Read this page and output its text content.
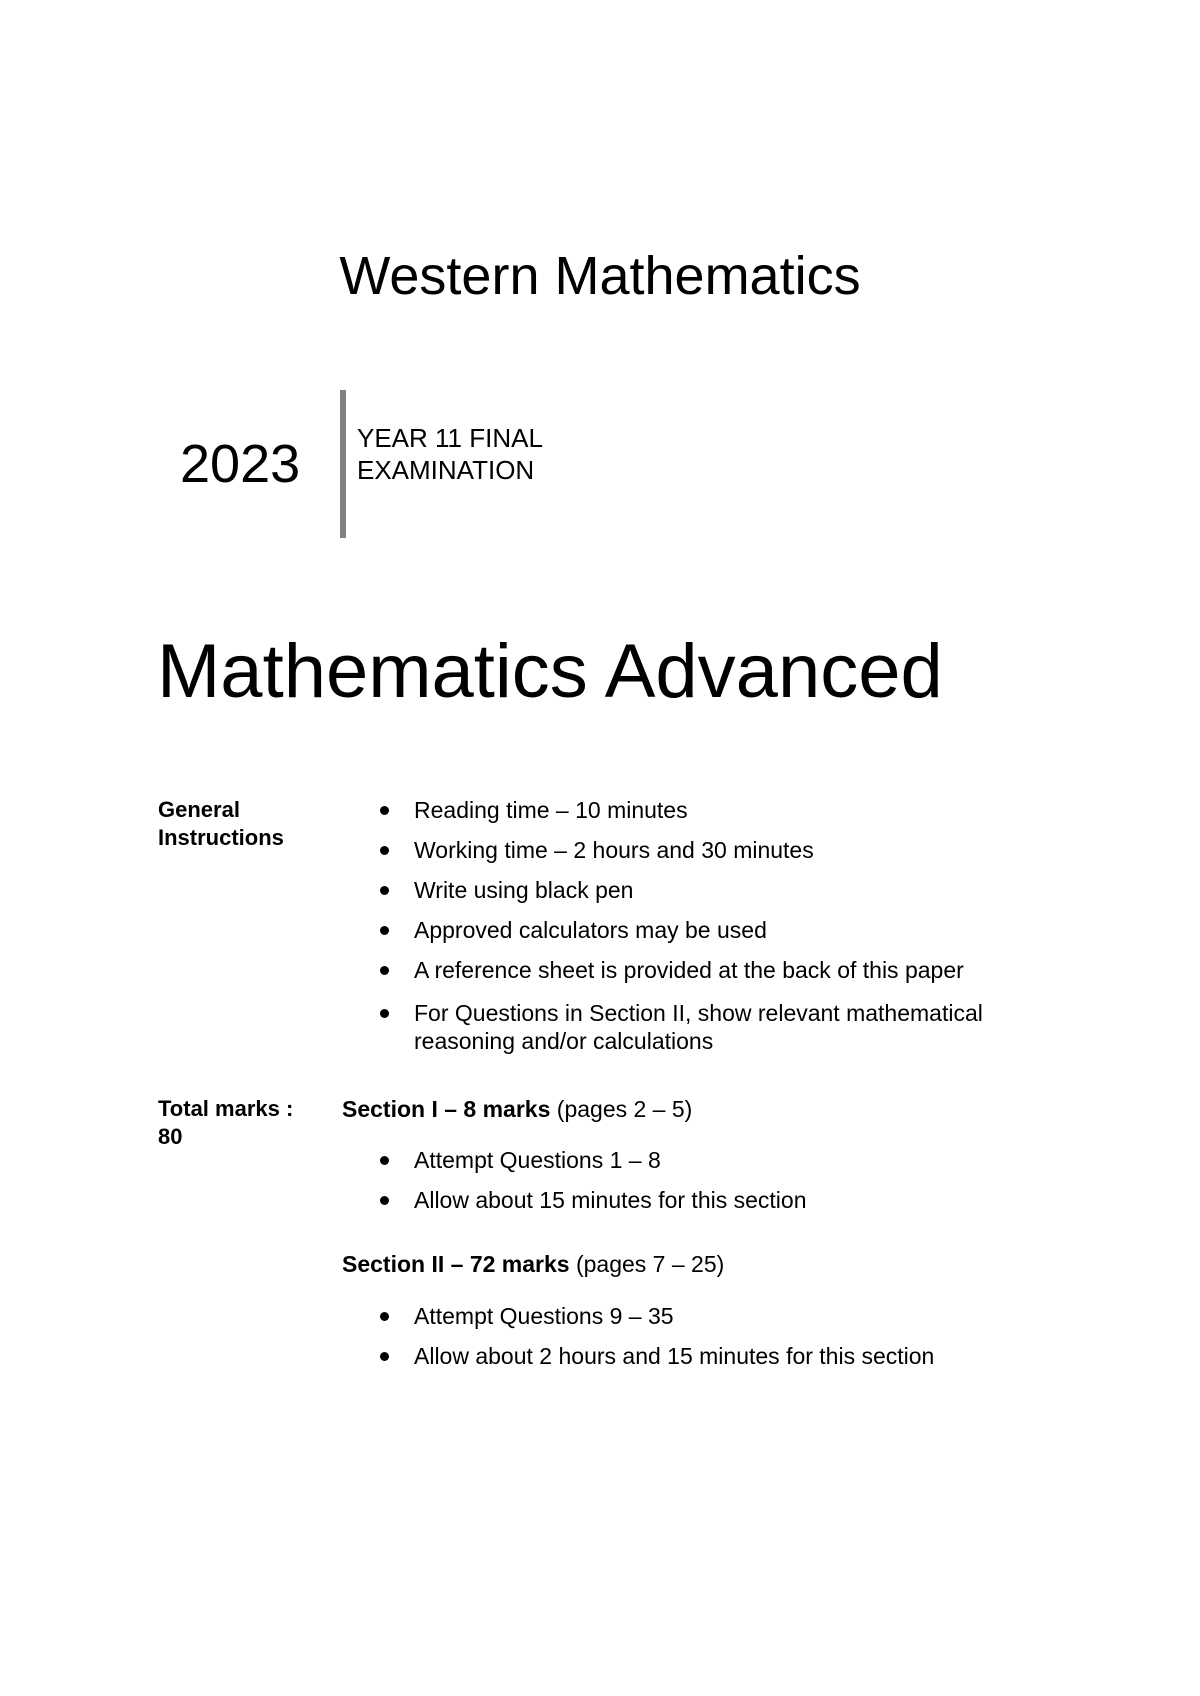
Western Mathematics
2023 YEAR 11 FINAL
EXAMINATION
Mathematics Advanced
General
Instructions
Reading time – 10 minutes
Working time – 2 hours and 30 minutes
Write using black pen
Approved calculators may be used
A reference sheet is provided at the back of this paper
For Questions in Section II, show relevant mathematical reasoning and/or calculations
Total marks :
80
Section I – 8 marks (pages 2 – 5)
Attempt Questions 1 – 8
Allow about 15 minutes for this section
Section II – 72 marks (pages 7 – 25)
Attempt Questions 9 – 35
Allow about 2 hours and 15 minutes for this section
